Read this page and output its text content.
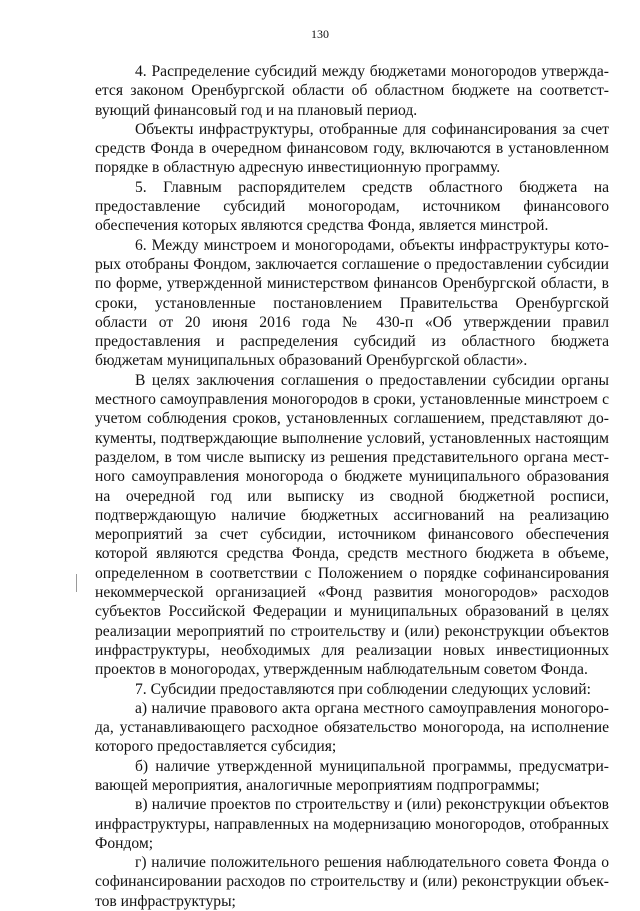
130

4. Распределение субсидий между бюджетами моногородов утверждается законом Оренбургской области об областном бюджете на соответствующий финансовый год и на плановый период.

Объекты инфраструктуры, отобранные для софинансирования за счет средств Фонда в очередном финансовом году, включаются в установленном порядке в областную адресную инвестиционную программу.

5. Главным распорядителем средств областного бюджета на предоставление субсидий моногородам, источником финансового обеспечения которых являются средства Фонда, является минстрой.

6. Между минстроем и моногородами, объекты инфраструктуры которых отобраны Фондом, заключается соглашение о предоставлении субсидии по форме, утвержденной министерством финансов Оренбургской области, в сроки, установленные постановлением Правительства Оренбургской области от 20 июня 2016 года № 430-п «Об утверждении правил предоставления и распределения субсидий из областного бюджета бюджетам муниципальных образований Оренбургской области».

В целях заключения соглашения о предоставлении субсидии органы местного самоуправления моногородов в сроки, установленные минстроем с учетом соблюдения сроков, установленных соглашением, представляют документы, подтверждающие выполнение условий, установленных настоящим разделом, в том числе выписку из решения представительного органа местного самоуправления моногорода о бюджете муниципального образования на очередной год или выписку из сводной бюджетной росписи, подтверждающую наличие бюджетных ассигнований на реализацию мероприятий за счет субсидии, источником финансового обеспечения которой являются средства Фонда, средств местного бюджета в объеме, определенном в соответствии с Положением о порядке софинансирования некоммерческой организацией «Фонд развития моногородов» расходов субъектов Российской Федерации и муниципальных образований в целях реализации мероприятий по строительству и (или) реконструкции объектов инфраструктуры, необходимых для реализации новых инвестиционных проектов в моногородах, утвержденным наблюдательным советом Фонда.

7. Субсидии предоставляются при соблюдении следующих условий:

а) наличие правового акта органа местного самоуправления моногорода, устанавливающего расходное обязательство моногорода, на исполнение которого предоставляется субсидия;

б) наличие утвержденной муниципальной программы, предусматривающей мероприятия, аналогичные мероприятиям подпрограммы;

в) наличие проектов по строительству и (или) реконструкции объектов инфраструктуры, направленных на модернизацию моногородов, отобранных Фондом;

г) наличие положительного решения наблюдательного совета Фонда о софинансировании расходов по строительству и (или) реконструкции объектов инфраструктуры;
